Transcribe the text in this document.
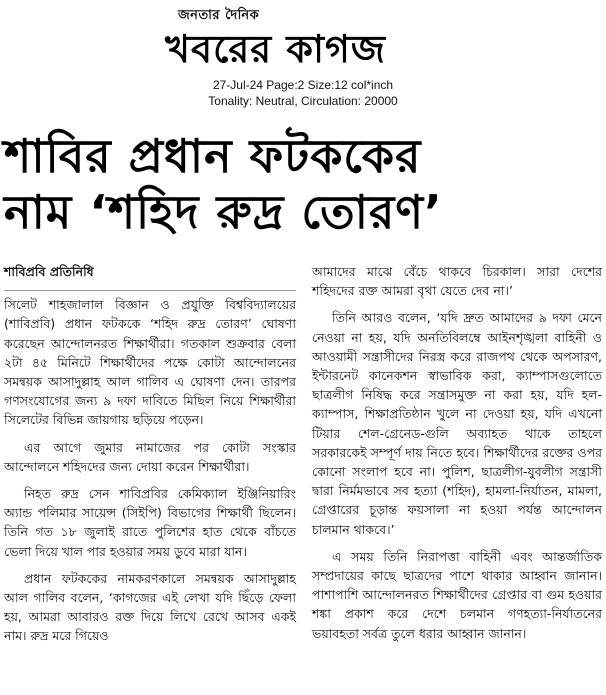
জনতার দৈনিক
খবরের কাগজ
27-Jul-24 Page:2 Size:12 col*inch
Tonality: Neutral, Circulation: 20000
শাবির প্রধান ফটককের
নাম ‘শহিদ রুদ্র তোরণ’
শাবিপ্রবি প্রতিনিধি

সিলেট শাহজালাল বিজ্ঞান ও প্রযুক্তি বিশ্ববিদ্যালয়ের (শাবিপ্রবি) প্রধান ফটককে ‘শহিদ রুদ্র তোরণ’ ঘোষণা করেছেন আন্দোলনরত শিক্ষার্থীরা। গতকাল শুক্রবার বেলা ২টা ৪৫ মিনিটে শিক্ষার্থীদের পক্ষে কোটা আন্দোলনের সমন্বয়ক আসাদুল্লাহ আল গালিব এ ঘোষণা দেন। তারপর গণসংযোগের জন্য ৯ দফা দাবিতে মিছিল নিয়ে শিক্ষার্থীরা সিলেটের বিভিন্ন জায়গায় ছড়িয়ে পড়েন।

এর আগে জুমার নামাজের পর কোটা সংস্কার আন্দোলনে শহিদদের জন্য দোয়া করেন শিক্ষার্থীরা।

নিহত রুদ্র সেন শাবিপ্রবির কেমিক্যাল ইঞ্জিনিয়ারিং অ্যান্ড পলিমার সায়েন্স (সিইপি) বিভাগের শিক্ষার্থী ছিলেন। তিনি গত ১৮ জুলাই রাতে পুলিশের হাত থেকে বাঁচতে ভেলা দিয়ে খাল পার হওয়ার সময় ডুবে মারা যান।

প্রধান ফটককের নামকরণকালে সমন্বয়ক আসাদুল্লাহ আল গালিব বলেন, ‘কাগজের এই লেখা যদি ছিঁড়ে ফেলা হয়, আমরা আবারও রক্ত দিয়ে লিখে রেখে আসব একই নাম। রুদ্র মরে গিয়েও

আমাদের মাঝে বেঁচে থাকবে চিরকাল। সারা দেশের শহিদদের রক্ত আমরা বৃথা যেতে দেব না।’

তিনি আরও বলেন, ‘যদি দ্রুত আমাদের ৯ দফা মেনে নেওয়া না হয়, যদি অনতিবিলম্বে আইনশৃঙ্খলা বাহিনী ও আওয়ামী সন্ত্রাসীদের নিরস্ত্র করে রাজপথ থেকে অপসারণ, ইন্টারনেট কানেকশন স্বাভাবিক করা, ক্যাম্পাসগুলোতে ছাত্রলীগ নিষিদ্ধ করে সন্ত্রাসমুক্ত না করা হয়, যদি হল-ক্যাম্পাস, শিক্ষাপ্রতিষ্ঠান খুলে না দেওয়া হয়, যদি এখনো টিয়ার শেল-গ্রেনেড-গুলি অব্যাহত থাকে তাহলে সরকারকেই সম্পূর্ণ দায় নিতে হবে। শিক্ষার্থীদের রক্তের ওপর কোনো সংলাপ হবে না। পুলিশ, ছাত্রলীগ-যুবলীগ সন্ত্রাসী দ্বারা নির্মমভাবে সব হত্যা (শহিদ), হামলা-নির্যাতন, মামলা, গ্রেপ্তারের চূড়ান্ত ফয়সালা না হওয়া পর্যন্ত আন্দোলন চালমান থাকবে।’

এ সময় তিনি নিরাপত্তা বাহিনী এবং আন্তর্জাতিক সম্প্রদায়ের কাছে ছাত্রদের পাশে থাকার আহ্বান জানান। পাশাপাশি আন্দোলনরত শিক্ষার্থীদের গ্রেপ্তার বা গুম হওয়ার শঙ্কা প্রকাশ করে দেশে চলমান গণহত্যা-নির্যাতনের ভয়াবহতা সর্বত্র তুলে ধরার আহ্বান জানান।
